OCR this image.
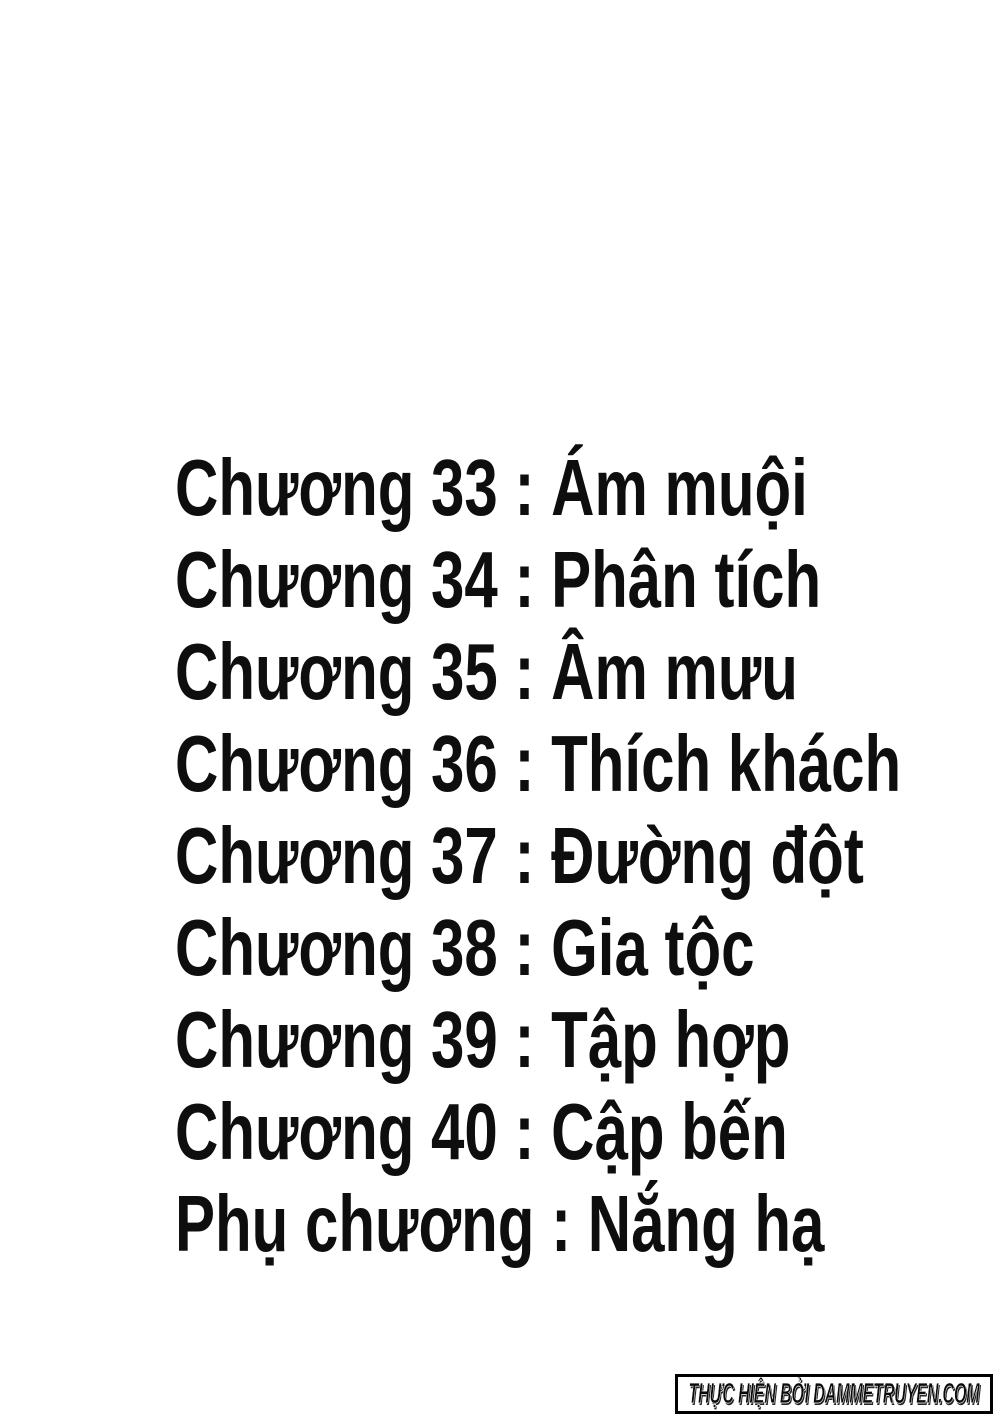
Chương 33 : Ám muội
Chương 34 : Phân tích
Chương 35 : Âm mưu
Chương 36 : Thích khách
Chương 37 : Đường đột
Chương 38 : Gia tộc
Chương 39 : Tập hợp
Chương 40 : Cập bến
Phụ chương : Nắng hạ
THỰC HIỆN BỞI DAMMETRUYEN.COM
